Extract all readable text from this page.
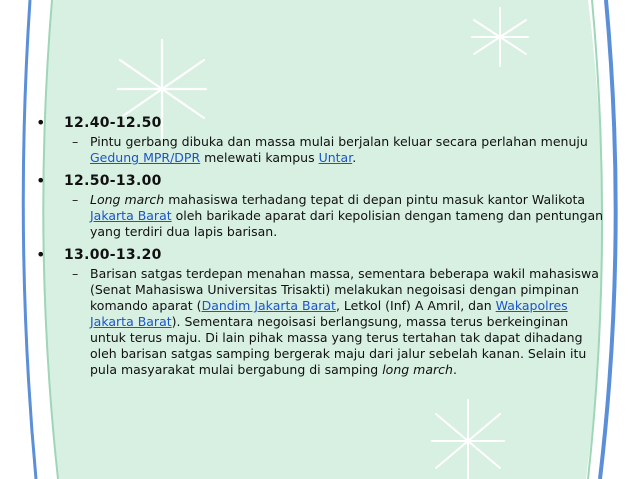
• 12.40-12.50
– Pintu gerbang dibuka dan massa mulai berjalan keluar secara perlahan menuju Gedung MPR/DPR melewati kampus Untar.
• 12.50-13.00
– Long march mahasiswa terhadang tepat di depan pintu masuk kantor Walikota Jakarta Barat oleh barikade aparat dari kepolisian dengan tameng dan pentungan yang terdiri dua lapis barisan.
• 13.00-13.20
– Barisan satgas terdepan menahan massa, sementara beberapa wakil mahasiswa (Senat Mahasiswa Universitas Trisakti) melakukan negoisasi dengan pimpinan komando aparat (Dandim Jakarta Barat, Letkol (Inf) A Amril, dan Wakapolres Jakarta Barat). Sementara negoisasi berlangsung, massa terus berkeinginan untuk terus maju. Di lain pihak massa yang terus tertahan tak dapat dihadang oleh barisan satgas samping bergerak maju dari jalur sebelah kanan. Selain itu pula masyarakat mulai bergabung di samping long march.
